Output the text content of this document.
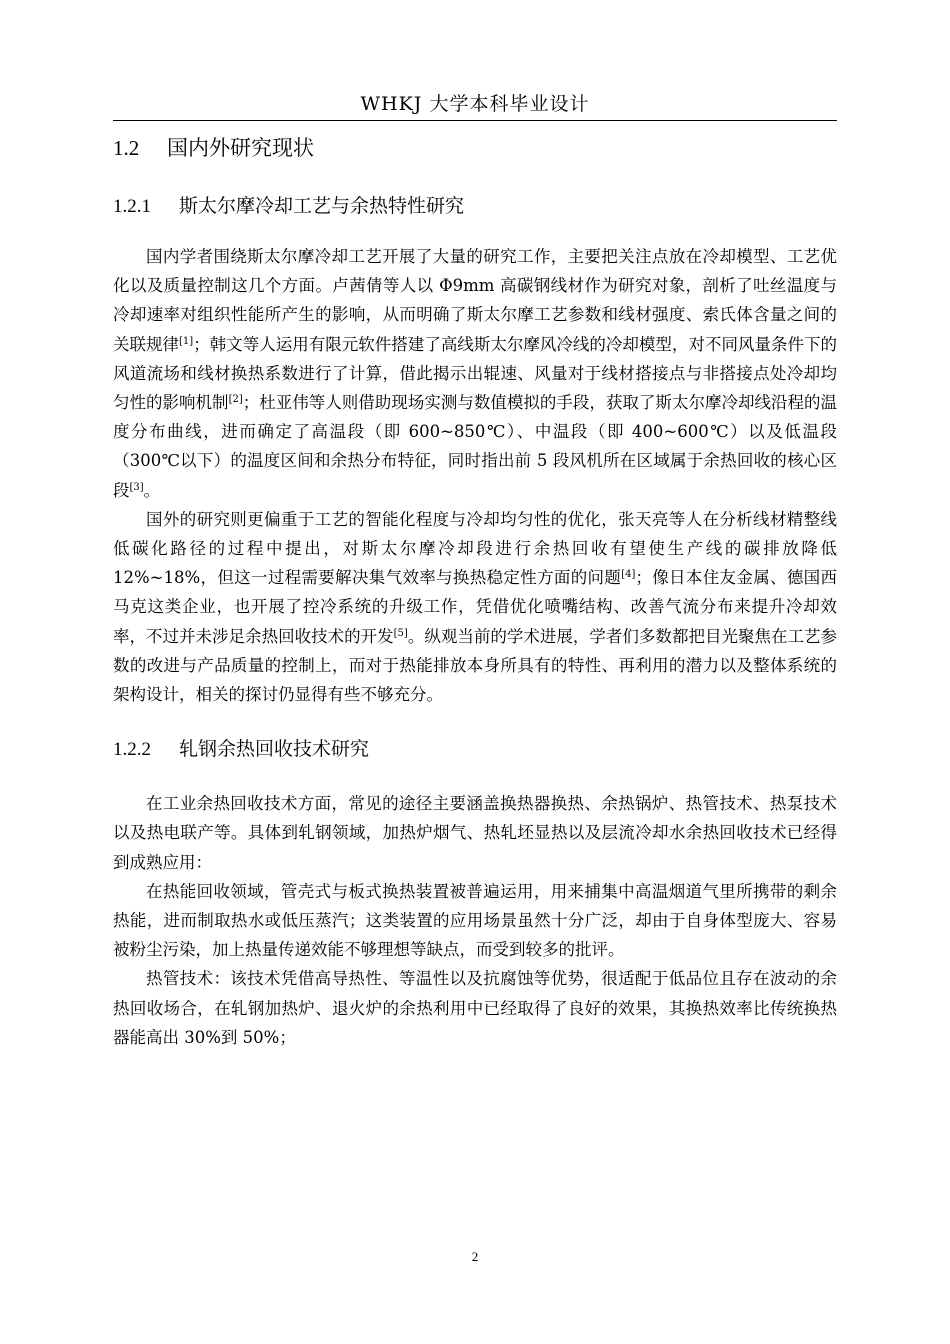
WHKJ 大学本科毕业设计
1.2 国内外研究现状
1.2.1 斯太尔摩冷却工艺与余热特性研究

国内学者围绕斯太尔摩冷却工艺开展了大量的研究工作，主要把关注点放在冷却模型、工艺优化以及质量控制这几个方面。卢茜倩等人以 Φ9mm 高碳钢线材作为研究对象，剖析了吐丝温度与冷却速率对组织性能所产生的影响，从而明确了斯太尔摩工艺参数和线材强度、索氏体含量之间的关联规律[1]；韩文等人运用有限元软件搭建了高线斯太尔摩风冷线的冷却模型，对不同风量条件下的风道流场和线材换热系数进行了计算，借此揭示出辊速、风量对于线材搭接点与非搭接点处冷却均匀性的影响机制[2]；杜亚伟等人则借助现场实测与数值模拟的手段，获取了斯太尔摩冷却线沿程的温度分布曲线，进而确定了高温段（即 600~850℃）、中温段（即 400~600℃）以及低温段（300℃以下）的温度区间和余热分布特征，同时指出前 5 段风机所在区域属于余热回收的核心区段[3]。

国外的研究则更偏重于工艺的智能化程度与冷却均匀性的优化，张天亮等人在分析线材精整线低碳化路径的过程中提出，对斯太尔摩冷却段进行余热回收有望使生产线的碳排放降低 12%~18%，但这一过程需要解决集气效率与换热稳定性方面的问题[4]；像日本住友金属、德国西马克这类企业，也开展了控冷系统的升级工作，凭借优化喷嘴结构、改善气流分布来提升冷却效率，不过并未涉足余热回收技术的开发[5]。纵观当前的学术进展，学者们多数都把目光聚焦在工艺参数的改进与产品质量的控制上，而对于热能排放本身所具有的特性、再利用的潜力以及整体系统的架构设计，相关的探讨仍显得有些不够充分。

1.2.2 轧钢余热回收技术研究

在工业余热回收技术方面，常见的途径主要涵盖换热器换热、余热锅炉、热管技术、热泵技术以及热电联产等。具体到轧钢领域，加热炉烟气、热轧坯显热以及层流冷却水余热回收技术已经得到成熟应用：

在热能回收领域，管壳式与板式换热装置被普遍运用，用来捕集中高温烟道气里所携带的剩余热能，进而制取热水或低压蒸汽；这类装置的应用场景虽然十分广泛，却由于自身体型庞大、容易被粉尘污染，加上热量传递效能不够理想等缺点，而受到较多的批评。

热管技术：该技术凭借高导热性、等温性以及抗腐蚀等优势，很适配于低品位且存在波动的余热回收场合，在轧钢加热炉、退火炉的余热利用中已经取得了良好的效果，其换热效率比传统换热器能高出 30%到 50%；

2
